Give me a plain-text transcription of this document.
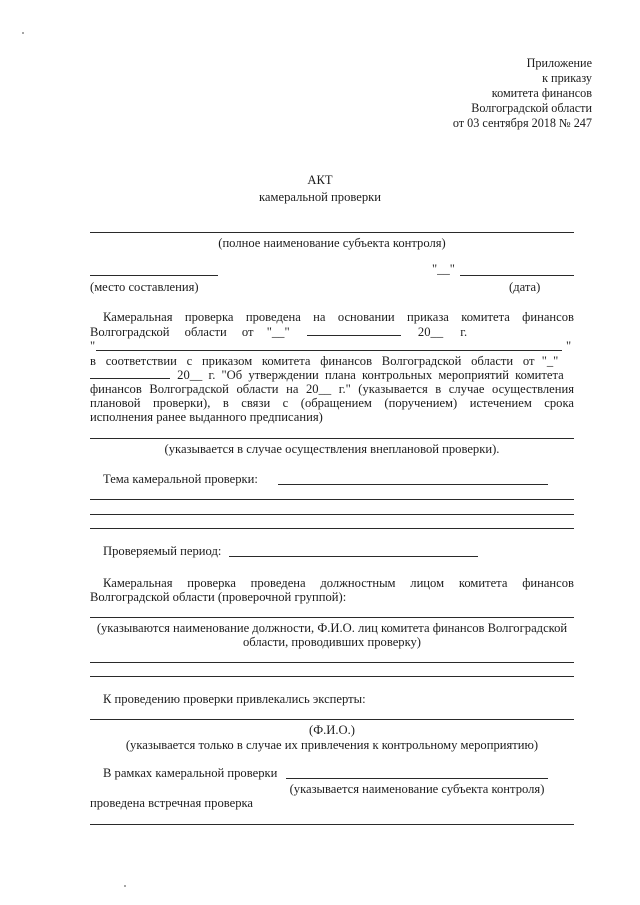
Приложение
к приказу
комитета финансов
Волгоградской области
от 03 сентября 2018 № 247
АКТ
камеральной проверки
(полное наименование субъекта контроля)
"__"
(место составления)	(дата)
Камеральная проверка проведена на основании приказа комитета финансов
Волгоградской области от "__"	20__ г.
"	"
в соответствии с приказом комитета финансов Волгоградской области от "_"
20__ г. "Об утверждении плана контрольных мероприятий комитета
финансов Волгоградской области на 20__ г." (указывается в случае осуществления
плановой проверки), в связи с (обращением (поручением) истечением срока
исполнения ранее выданного предписания)
(указывается в случае осуществления внеплановой проверки).
Тема камеральной проверки:
Проверяемый период:
Камеральная проверка проведена должностным лицом комитета финансов
Волгоградской области (проверочной группой):
(указываются наименование должности, Ф.И.О. лиц комитета финансов Волгоградской
области, проводивших проверку)
К проведению проверки привлекались эксперты:
(Ф.И.О.)
(указывается только в случае их привлечения к контрольному мероприятию)
В рамках камеральной проверки
(указывается наименование субъекта контроля)
проведена встречная проверка
